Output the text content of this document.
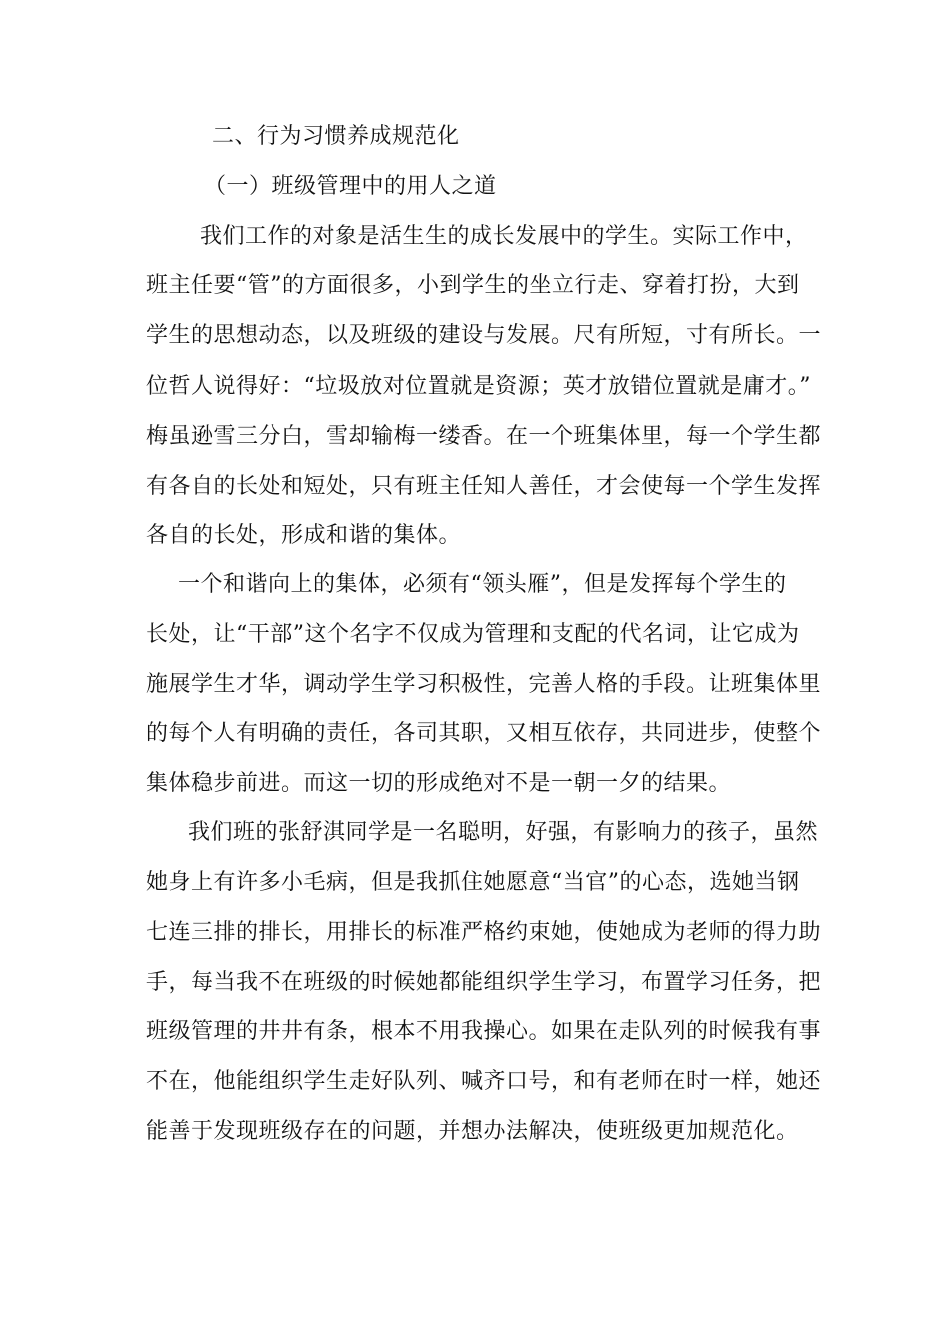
二、行为习惯养成规范化
（一）班级管理中的用人之道
我们工作的对象是活生生的成长发展中的学生。实际工作中，
班主任要“管”的方面很多，小到学生的坐立行走、穿着打扮，大到
学生的思想动态，以及班级的建设与发展。尺有所短，寸有所长。一
位哲人说得好：“垃圾放对位置就是资源；英才放错位置就是庸才。”
梅虽逊雪三分白，雪却输梅一缕香。在一个班集体里，每一个学生都
有各自的长处和短处，只有班主任知人善任，才会使每一个学生发挥
各自的长处，形成和谐的集体。
一个和谐向上的集体，必须有“领头雁”，但是发挥每个学生的
长处，让“干部”这个名字不仅成为管理和支配的代名词，让它成为
施展学生才华，调动学生学习积极性，完善人格的手段。让班集体里
的每个人有明确的责任，各司其职，又相互依存，共同进步，使整个
集体稳步前进。而这一切的形成绝对不是一朝一夕的结果。
我们班的张舒淇同学是一名聪明，好强，有影响力的孩子，虽然
她身上有许多小毛病，但是我抓住她愿意“当官”的心态，选她当钢
七连三排的排长，用排长的标准严格约束她，使她成为老师的得力助
手，每当我不在班级的时候她都能组织学生学习，布置学习任务，把
班级管理的井井有条，根本不用我操心。如果在走队列的时候我有事
不在，他能组织学生走好队列、喊齐口号，和有老师在时一样，她还
能善于发现班级存在的问题，并想办法解决，使班级更加规范化。
